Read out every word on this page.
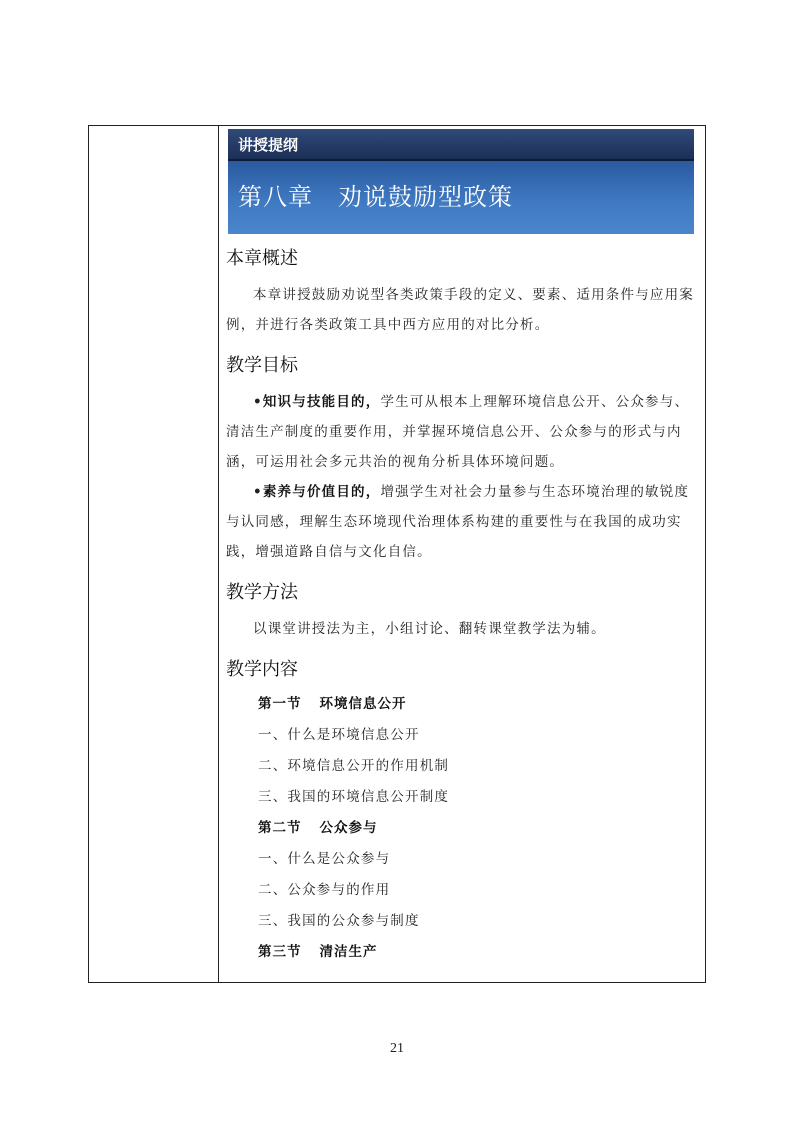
讲授提纲
第八章　劝说鼓励型政策

本章概述

本章讲授鼓励劝说型各类政策手段的定义、要素、适用条件与应用案例，并进行各类政策工具中西方应用的对比分析。

教学目标

•知识与技能目的，学生可从根本上理解环境信息公开、公众参与、清洁生产制度的重要作用，并掌握环境信息公开、公众参与的形式与内涵，可运用社会多元共治的视角分析具体环境问题。

•素养与价值目的，增强学生对社会力量参与生态环境治理的敏锐度与认同感，理解生态环境现代治理体系构建的重要性与在我国的成功实践，增强道路自信与文化自信。

教学方法

以课堂讲授法为主，小组讨论、翻转课堂教学法为辅。

教学内容

第一节 环境信息公开

一、什么是环境信息公开

二、环境信息公开的作用机制

三、我国的环境信息公开制度

第二节 公众参与

一、什么是公众参与

二、公众参与的作用

三、我国的公众参与制度

第三节 清洁生产

21
